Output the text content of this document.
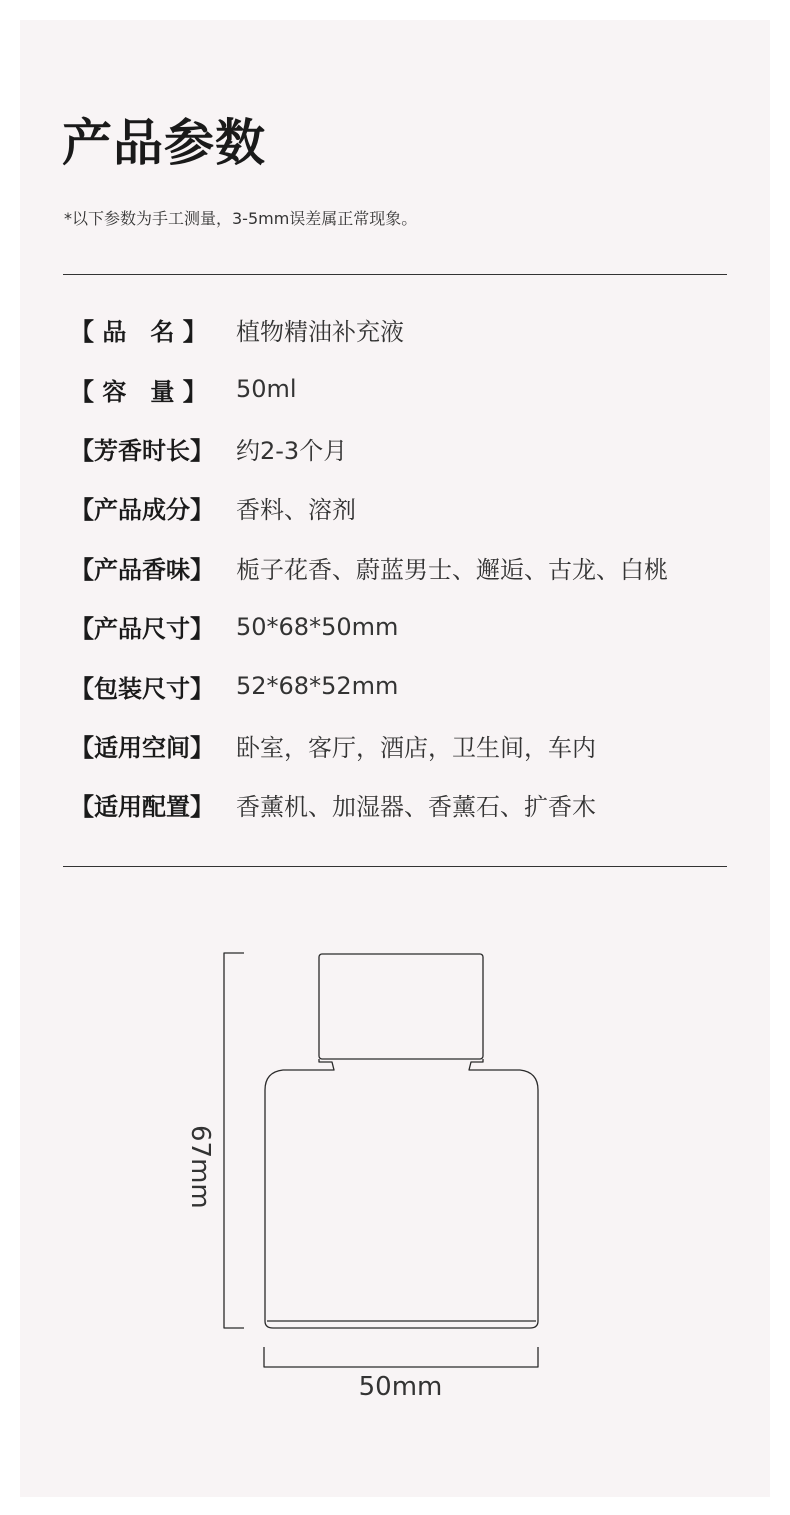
产品参数
*以下参数为手工测量，3-5mm误差属正常现象。
【 品　名 】	植物精油补充液
【 容　量 】	50ml
【芳香时长】 约2-3个月
【产品成分】 香料、溶剂
【产品香味】 栀子花香、蔚蓝男士、邂逅、古龙、白桃
【产品尺寸】 50*68*50mm
【包装尺寸】 52*68*52mm
【适用空间】 卧室，客厅，酒店，卫生间，车内
【适用配置】 香薰机、加湿器、香薰石、扩香木
67mm
50mm
